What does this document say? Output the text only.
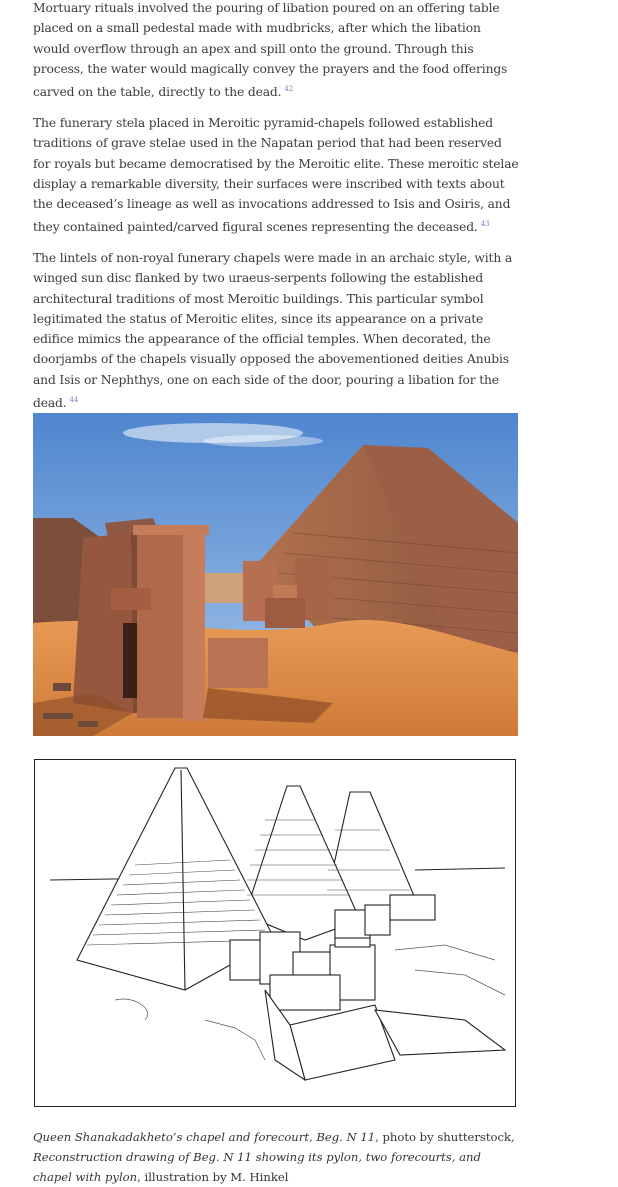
Mortuary rituals involved the pouring of libation poured on an offering table placed on a small pedestal made with mudbricks, after which the libation would overflow through an apex and spill onto the ground. Through this process, the water would magically convey the prayers and the food offerings carved on the table, directly to the dead. $^{42}$

The funerary stela placed in Meroitic pyramid-chapels followed established traditions of grave stelae used in the Napatan period that had been reserved for royals but became democratised by the Meroitic elite. These meroitic stelae display a remarkable diversity, their surfaces were inscribed with texts about the deceased’s lineage as well as invocations addressed to Isis and Osiris, and they contained painted/carved figural scenes representing the deceased. $^{43}$

The lintels of non-royal funerary chapels were made in an archaic style, with a winged sun disc flanked by two uraeus-serpents following the established architectural traditions of most Meroitic buildings. This particular symbol legitimated the status of Meroitic elites, since its appearance on a private edifice mimics the appearance of the official temples. When decorated, the doorjambs of the chapels visually opposed the abovementioned deities Anubis and Isis or Nephthys, one on each side of the door, pouring a libation for the dead. $^{44}$

Queen Shanakadakheto’s chapel and forecourt, Beg. N 11, photo by shutterstock,
Reconstruction drawing of Beg. N 11 showing its pylon, two forecourts, and chapel with pylon, illustration by M. Hinkel
